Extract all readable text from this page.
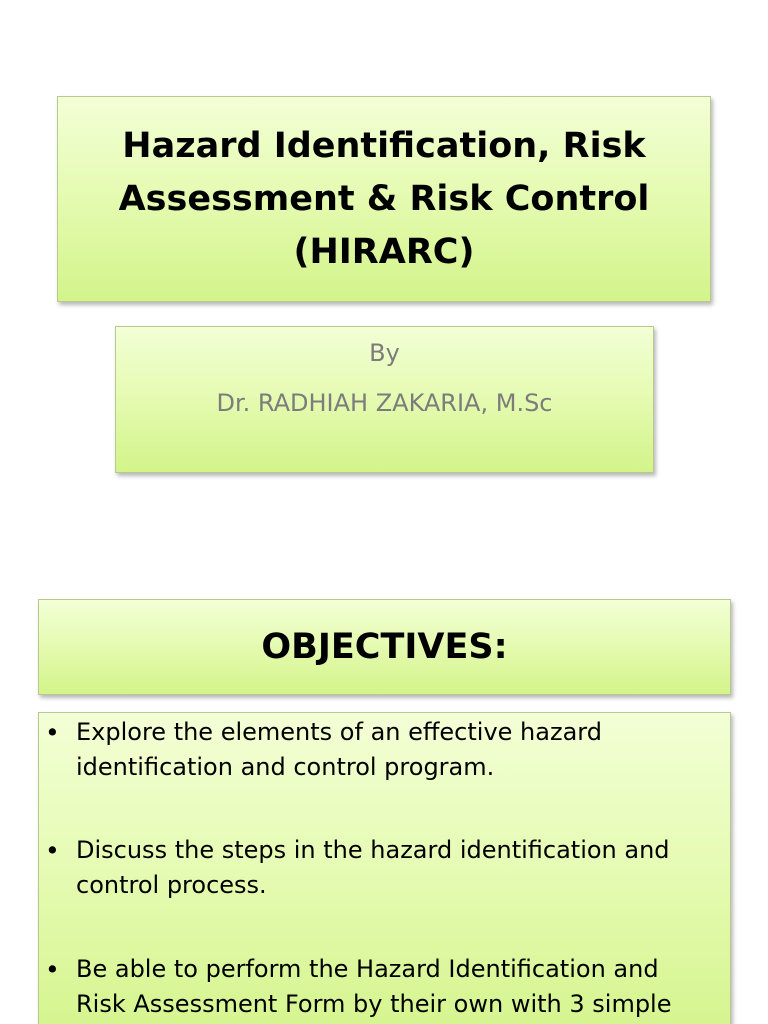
Hazard Identification, Risk
Assessment & Risk Control
(HIRARC)
By
Dr. RADHIAH ZAKARIA, M.Sc
OBJECTIVES:
• Explore the elements of an effective hazard
identification and control program.
• Discuss the steps in the hazard identification and
control process.
• Be able to perform the Hazard Identification and
Risk Assessment Form by their own with 3 simple
